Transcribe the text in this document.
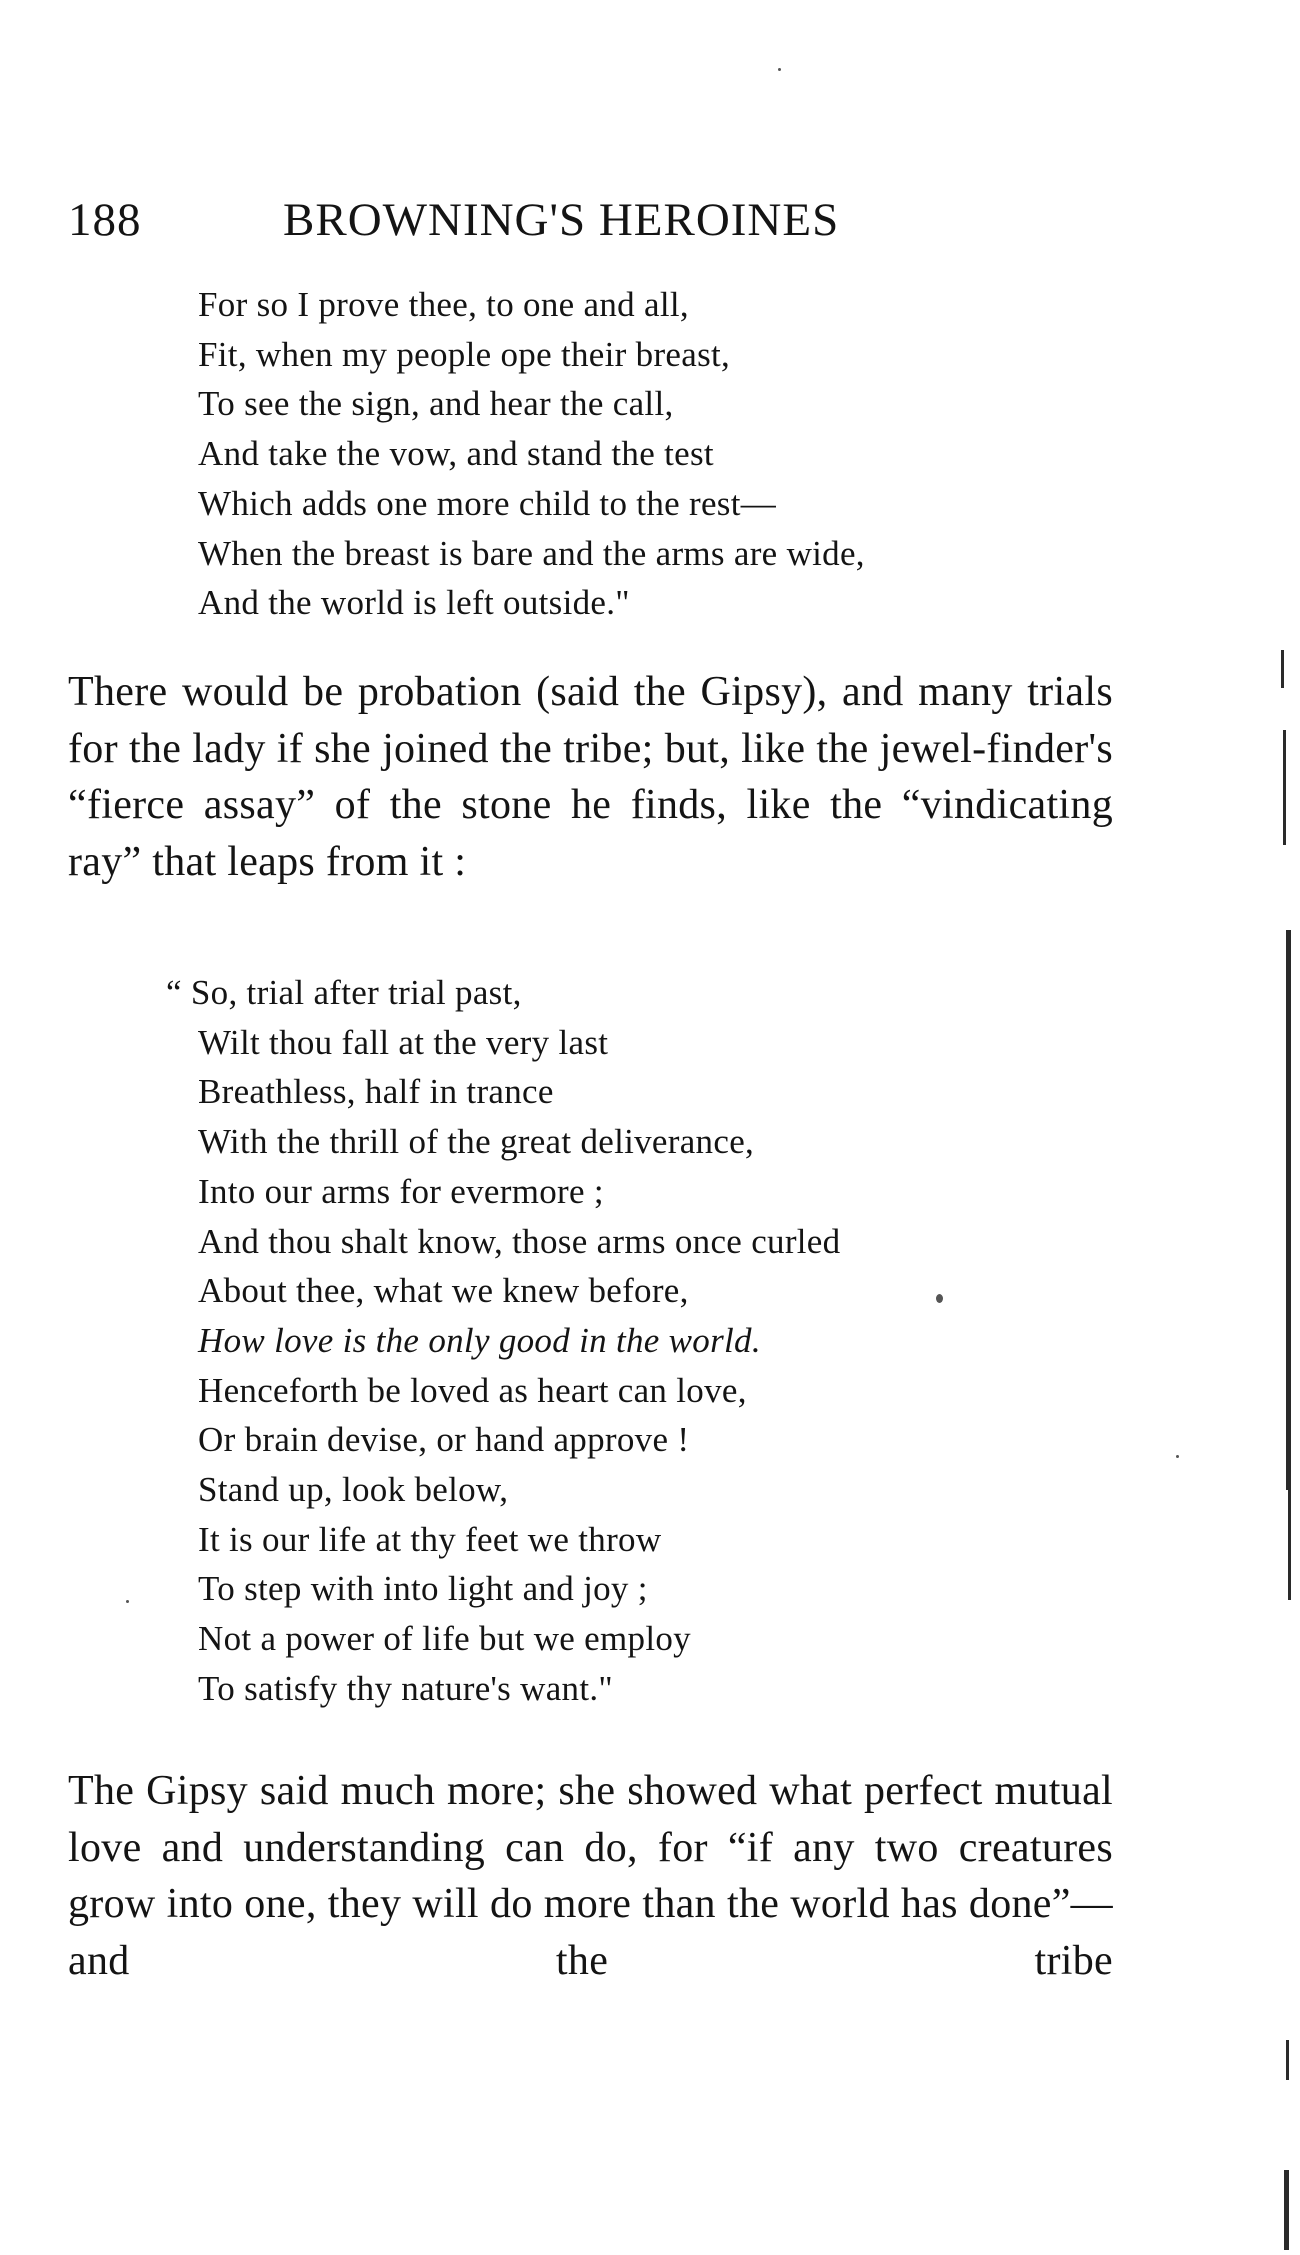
188	BROWNING'S HEROINES
For so I prove thee, to one and all,
Fit, when my people ope their breast,
To see the sign, and hear the call,
And take the vow, and stand the test
Which adds one more child to the rest—
When the breast is bare and the arms are wide,
And the world is left outside."

There would be probation (said the Gipsy), and many trials for the lady if she joined the tribe; but, like the jewel-finder's “fierce assay” of the stone he finds, like the “vindicating ray” that leaps from it :

“ So, trial after trial past,
Wilt thou fall at the very last
Breathless, half in trance
With the thrill of the great deliverance,
Into our arms for evermore ;
And thou shalt know, those arms once curled
About thee, what we knew before,
How love is the only good in the world.
Henceforth be loved as heart can love,
Or brain devise, or hand approve !
Stand up, look below,
It is our life at thy feet we throw
To step with into light and joy ;
Not a power of life but we employ
To satisfy thy nature's want."

The Gipsy said much more; she showed what perfect mutual love and understanding can do, for “if any two creatures grow into one, they will do more than the world has done”—and the tribe
